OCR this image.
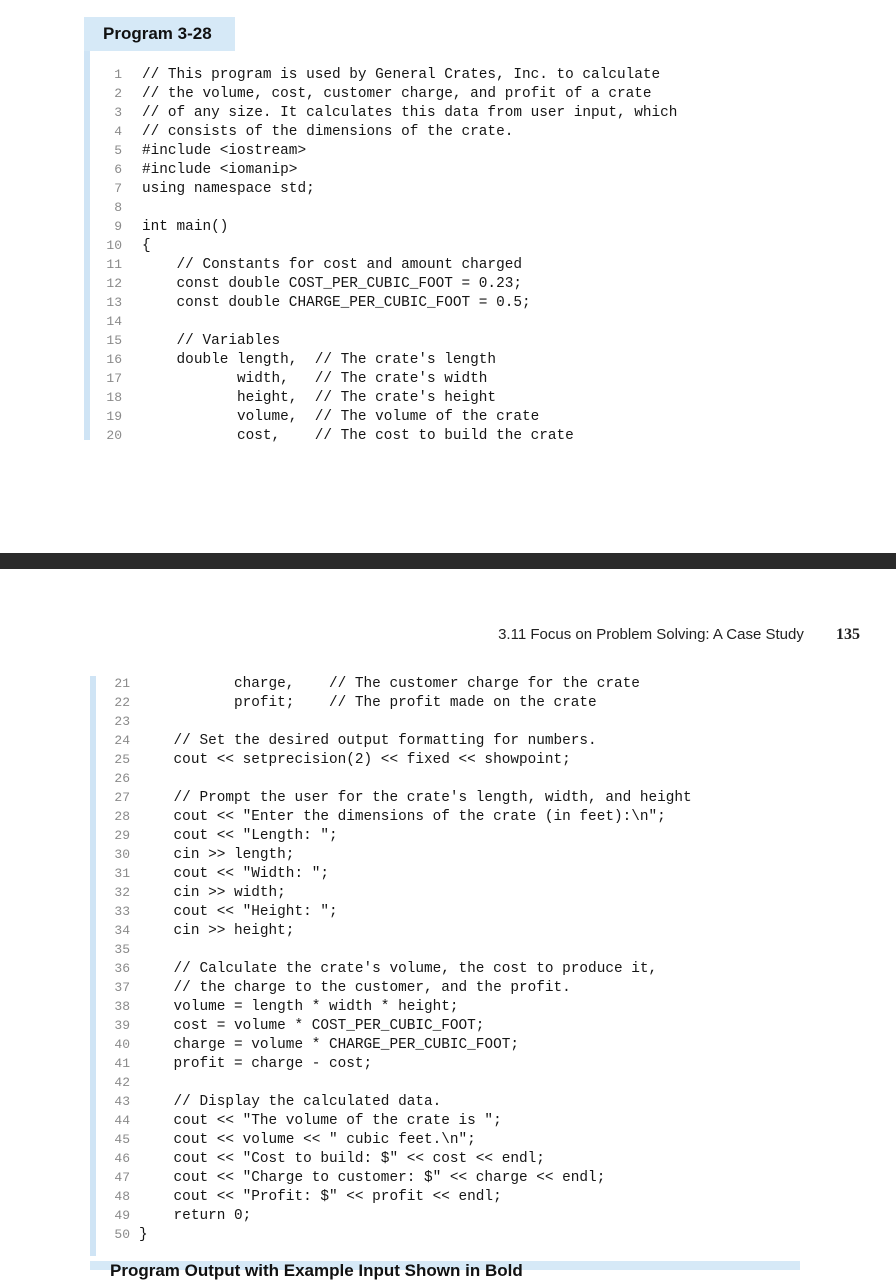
Program 3-28
1 // This program is used by General Crates, Inc. to calculate
2 // the volume, cost, customer charge, and profit of a crate
3 // of any size. It calculates this data from user input, which
4 // consists of the dimensions of the crate.
5 #include <iostream>
6 #include <iomanip>
7 using namespace std;
8
9 int main()
10 {
11    // Constants for cost and amount charged
12    const double COST_PER_CUBIC_FOOT = 0.23;
13    const double CHARGE_PER_CUBIC_FOOT = 0.5;
14
15    // Variables
16    double length,  // The crate's length
17           width,   // The crate's width
18           height,  // The crate's height
19           volume,  // The volume of the crate
20           cost,    // The cost to build the crate
3.11 Focus on Problem Solving: A Case Study 135
21           charge,    // The customer charge for the crate
22           profit;    // The profit made on the crate
23
24    // Set the desired output formatting for numbers.
25    cout << setprecision(2) << fixed << showpoint;
26
27    // Prompt the user for the crate's length, width, and height
28    cout << "Enter the dimensions of the crate (in feet):\n";
29    cout << "Length: ";
30    cin >> length;
31    cout << "Width: ";
32    cin >> width;
33    cout << "Height: ";
34    cin >> height;
35
36    // Calculate the crate's volume, the cost to produce it,
37    // the charge to the customer, and the profit.
38    volume = length * width * height;
39    cost = volume * COST_PER_CUBIC_FOOT;
40    charge = volume * CHARGE_PER_CUBIC_FOOT;
41    profit = charge - cost;
42
43    // Display the calculated data.
44    cout << "The volume of the crate is ";
45    cout << volume << " cubic feet.\n";
46    cout << "Cost to build: $" << cost << endl;
47    cout << "Charge to customer: $" << charge << endl;
48    cout << "Profit: $" << profit << endl;
49    return 0;
50 }
Program Output with Example Input Shown in Bold
